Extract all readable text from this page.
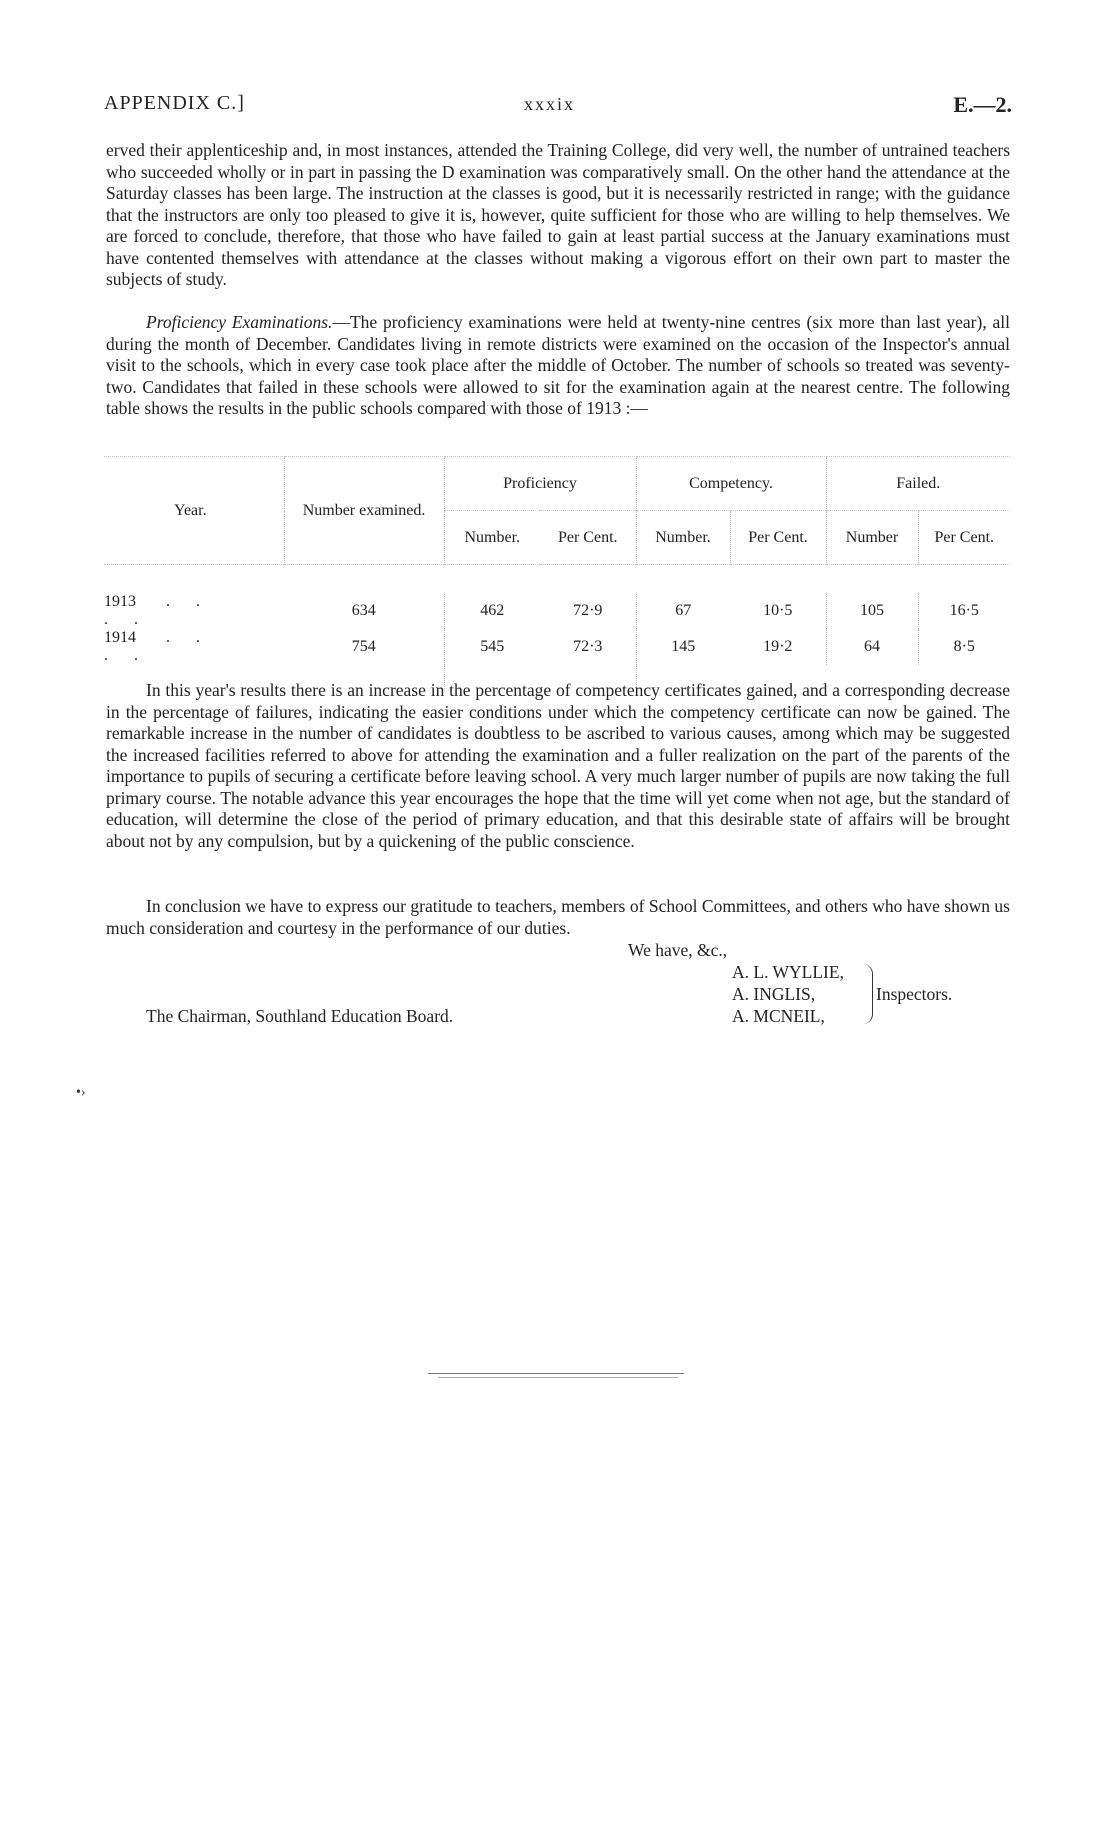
APPENDIX C.]	xxxix	E.—2.

erved their applenticeship and, in most instances, attended the Training College, did very well, the number of untrained teachers who succeeded wholly or in part in passing the D examination was comparatively small. On the other hand the attendance at the Saturday classes has been large. The instruction at the classes is good, but it is necessarily restricted in range; with the guidance that the instructors are only too pleased to give it is, however, quite sufficient for those who are willing to help themselves. We are forced to conclude, therefore, that those who have failed to gain at least partial success at the January examinations must have contented themselves with attendance at the classes without making a vigorous effort on their own part to master the subjects of study.

Proficiency Examinations.—The proficiency examinations were held at twenty-nine centres (six more than last year), all during the month of December. Candidates living in remote districts were examined on the occasion of the Inspector's annual visit to the schools, which in every case took place after the middle of October. The number of schools so treated was seventy-two. Candidates that failed in these schools were allowed to sit for the examination again at the nearest centre. The following table shows the results in the public schools compared with those of 1913 :—

Year.	Number examined.	Proficiency		Competency.		Failed.	
		Number.	Per Cent.	Number.	Per Cent.	Number	Per Cent.

1913 .. ..	634	462	72·9	67	10·5	105	16·5
1914 .. ..	754	545	72·3	145	19·2	64	8·5

In this year's results there is an increase in the percentage of competency certificates gained, and a corresponding decrease in the percentage of failures, indicating the easier conditions under which the competency certificate can now be gained. The remarkable increase in the number of candidates is doubtless to be ascribed to various causes, among which may be suggested the increased facilities referred to above for attending the examination and a fuller realization on the part of the parents of the importance to pupils of securing a certificate before leaving school. A very much larger number of pupils are now taking the full primary course. The notable advance this year encourages the hope that the time will yet come when not age, but the standard of education, will determine the close of the period of primary education, and that this desirable state of affairs will be brought about not by any compulsion, but by a quickening of the public conscience.

In conclusion we have to express our gratitude to teachers, members of School Committees, and others who have shown us much consideration and courtesy in the performance of our duties.

We have, &c.,
A. L. WYLLIE,
A. INGLIS,
A. MCNEIL,
Inspectors.
The Chairman, Southland Education Board.
•›
